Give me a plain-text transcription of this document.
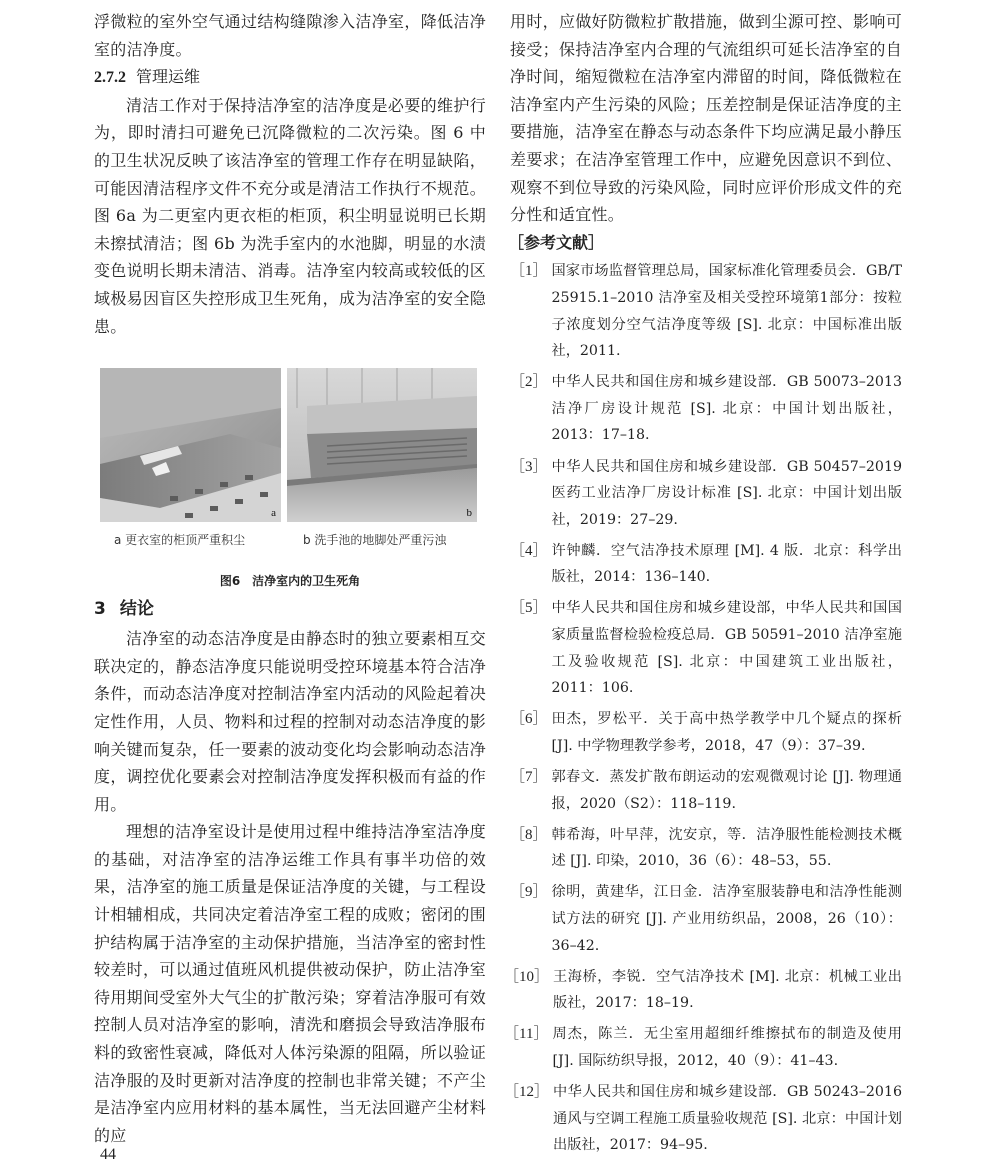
浮微粒的室外空气通过结构缝隙渗入洁净室，降低洁净室的洁净度。

2.7.2 管理运维

清洁工作对于保持洁净室的洁净度是必要的维护行为，即时清扫可避免已沉降微粒的二次污染。图 6 中的卫生状况反映了该洁净室的管理工作存在明显缺陷，可能因清洁程序文件不充分或是清洁工作执行不规范。图 6a 为二更室内更衣柜的柜顶，积尘明显说明已长期未擦拭清洁；图 6b 为洗手室内的水池脚，明显的水渍变色说明长期未清洁、消毒。洁净室内较高或较低的区域极易因盲区失控形成卫生死角，成为洁净室的安全隐患。

a	b
a 更衣室的柜顶严重积尘	b 洗手池的地脚处严重污浊
图6　洁净室内的卫生死角

3 结论

洁净室的动态洁净度是由静态时的独立要素相互交联决定的，静态洁净度只能说明受控环境基本符合洁净条件，而动态洁净度对控制洁净室内活动的风险起着决定性作用，人员、物料和过程的控制对动态洁净度的影响关键而复杂，任一要素的波动变化均会影响动态洁净度，调控优化要素会对控制洁净度发挥积极而有益的作用。

理想的洁净室设计是使用过程中维持洁净室洁净度的基础，对洁净室的洁净运维工作具有事半功倍的效果，洁净室的施工质量是保证洁净度的关键，与工程设计相辅相成，共同决定着洁净室工程的成败；密闭的围护结构属于洁净室的主动保护措施，当洁净室的密封性较差时，可以通过值班风机提供被动保护，防止洁净室待用期间受室外大气尘的扩散污染；穿着洁净服可有效控制人员对洁净室的影响，清洗和磨损会导致洁净服布料的致密性衰减，降低对人体污染源的阻隔，所以验证洁净服的及时更新对洁净度的控制也非常关键；不产尘是洁净室内应用材料的基本属性，当无法回避产尘材料的应

用时，应做好防微粒扩散措施，做到尘源可控、影响可接受；保持洁净室内合理的气流组织可延长洁净室的自净时间，缩短微粒在洁净室内滞留的时间，降低微粒在洁净室内产生污染的风险；压差控制是保证洁净度的主要措施，洁净室在静态与动态条件下均应满足最小静压差要求；在洁净室管理工作中，应避免因意识不到位、观察不到位导致的污染风险，同时应评价形成文件的充分性和适宜性。

［参考文献］
［1］ 国家市场监督管理总局，国家标准化管理委员会．GB/T 25915.1–2010 洁净室及相关受控环境第1部分：按粒子浓度划分空气洁净度等级 [S]. 北京：中国标准出版社，2011.
［2］ 中华人民共和国住房和城乡建设部．GB 50073–2013 洁净厂房设计规范 [S]. 北京：中国计划出版社，2013：17–18.
［3］ 中华人民共和国住房和城乡建设部．GB 50457–2019 医药工业洁净厂房设计标准 [S]. 北京：中国计划出版社，2019：27–29.
［4］ 许钟麟．空气洁净技术原理 [M]. 4 版．北京：科学出版社，2014：136–140.
［5］ 中华人民共和国住房和城乡建设部，中华人民共和国国家质量监督检验检疫总局．GB 50591–2010 洁净室施工及验收规范 [S]. 北京：中国建筑工业出版社，2011：106.
［6］ 田杰，罗松平．关于高中热学教学中几个疑点的探析 [J]. 中学物理教学参考，2018，47（9）：37–39.
［7］ 郭春文．蒸发扩散布朗运动的宏观微观讨论 [J]. 物理通报，2020（S2）：118–119.
［8］ 韩希海，叶早萍，沈安京，等．洁净服性能检测技术概述 [J]. 印染，2010，36（6）：48–53，55.
［9］ 徐明，黄建华，江日金．洁净室服装静电和洁净性能测试方法的研究 [J]. 产业用纺织品，2008，26（10）：36–42.
［10］ 王海桥，李锐．空气洁净技术 [M]. 北京：机械工业出版社，2017：18–19.
［11］ 周杰，陈兰．无尘室用超细纤维擦拭布的制造及使用 [J]. 国际纺织导报，2012，40（9）：41–43.
［12］ 中华人民共和国住房和城乡建设部．GB 50243–2016 通风与空调工程施工质量验收规范 [S]. 北京：中国计划出版社，2017：94–95.
44
